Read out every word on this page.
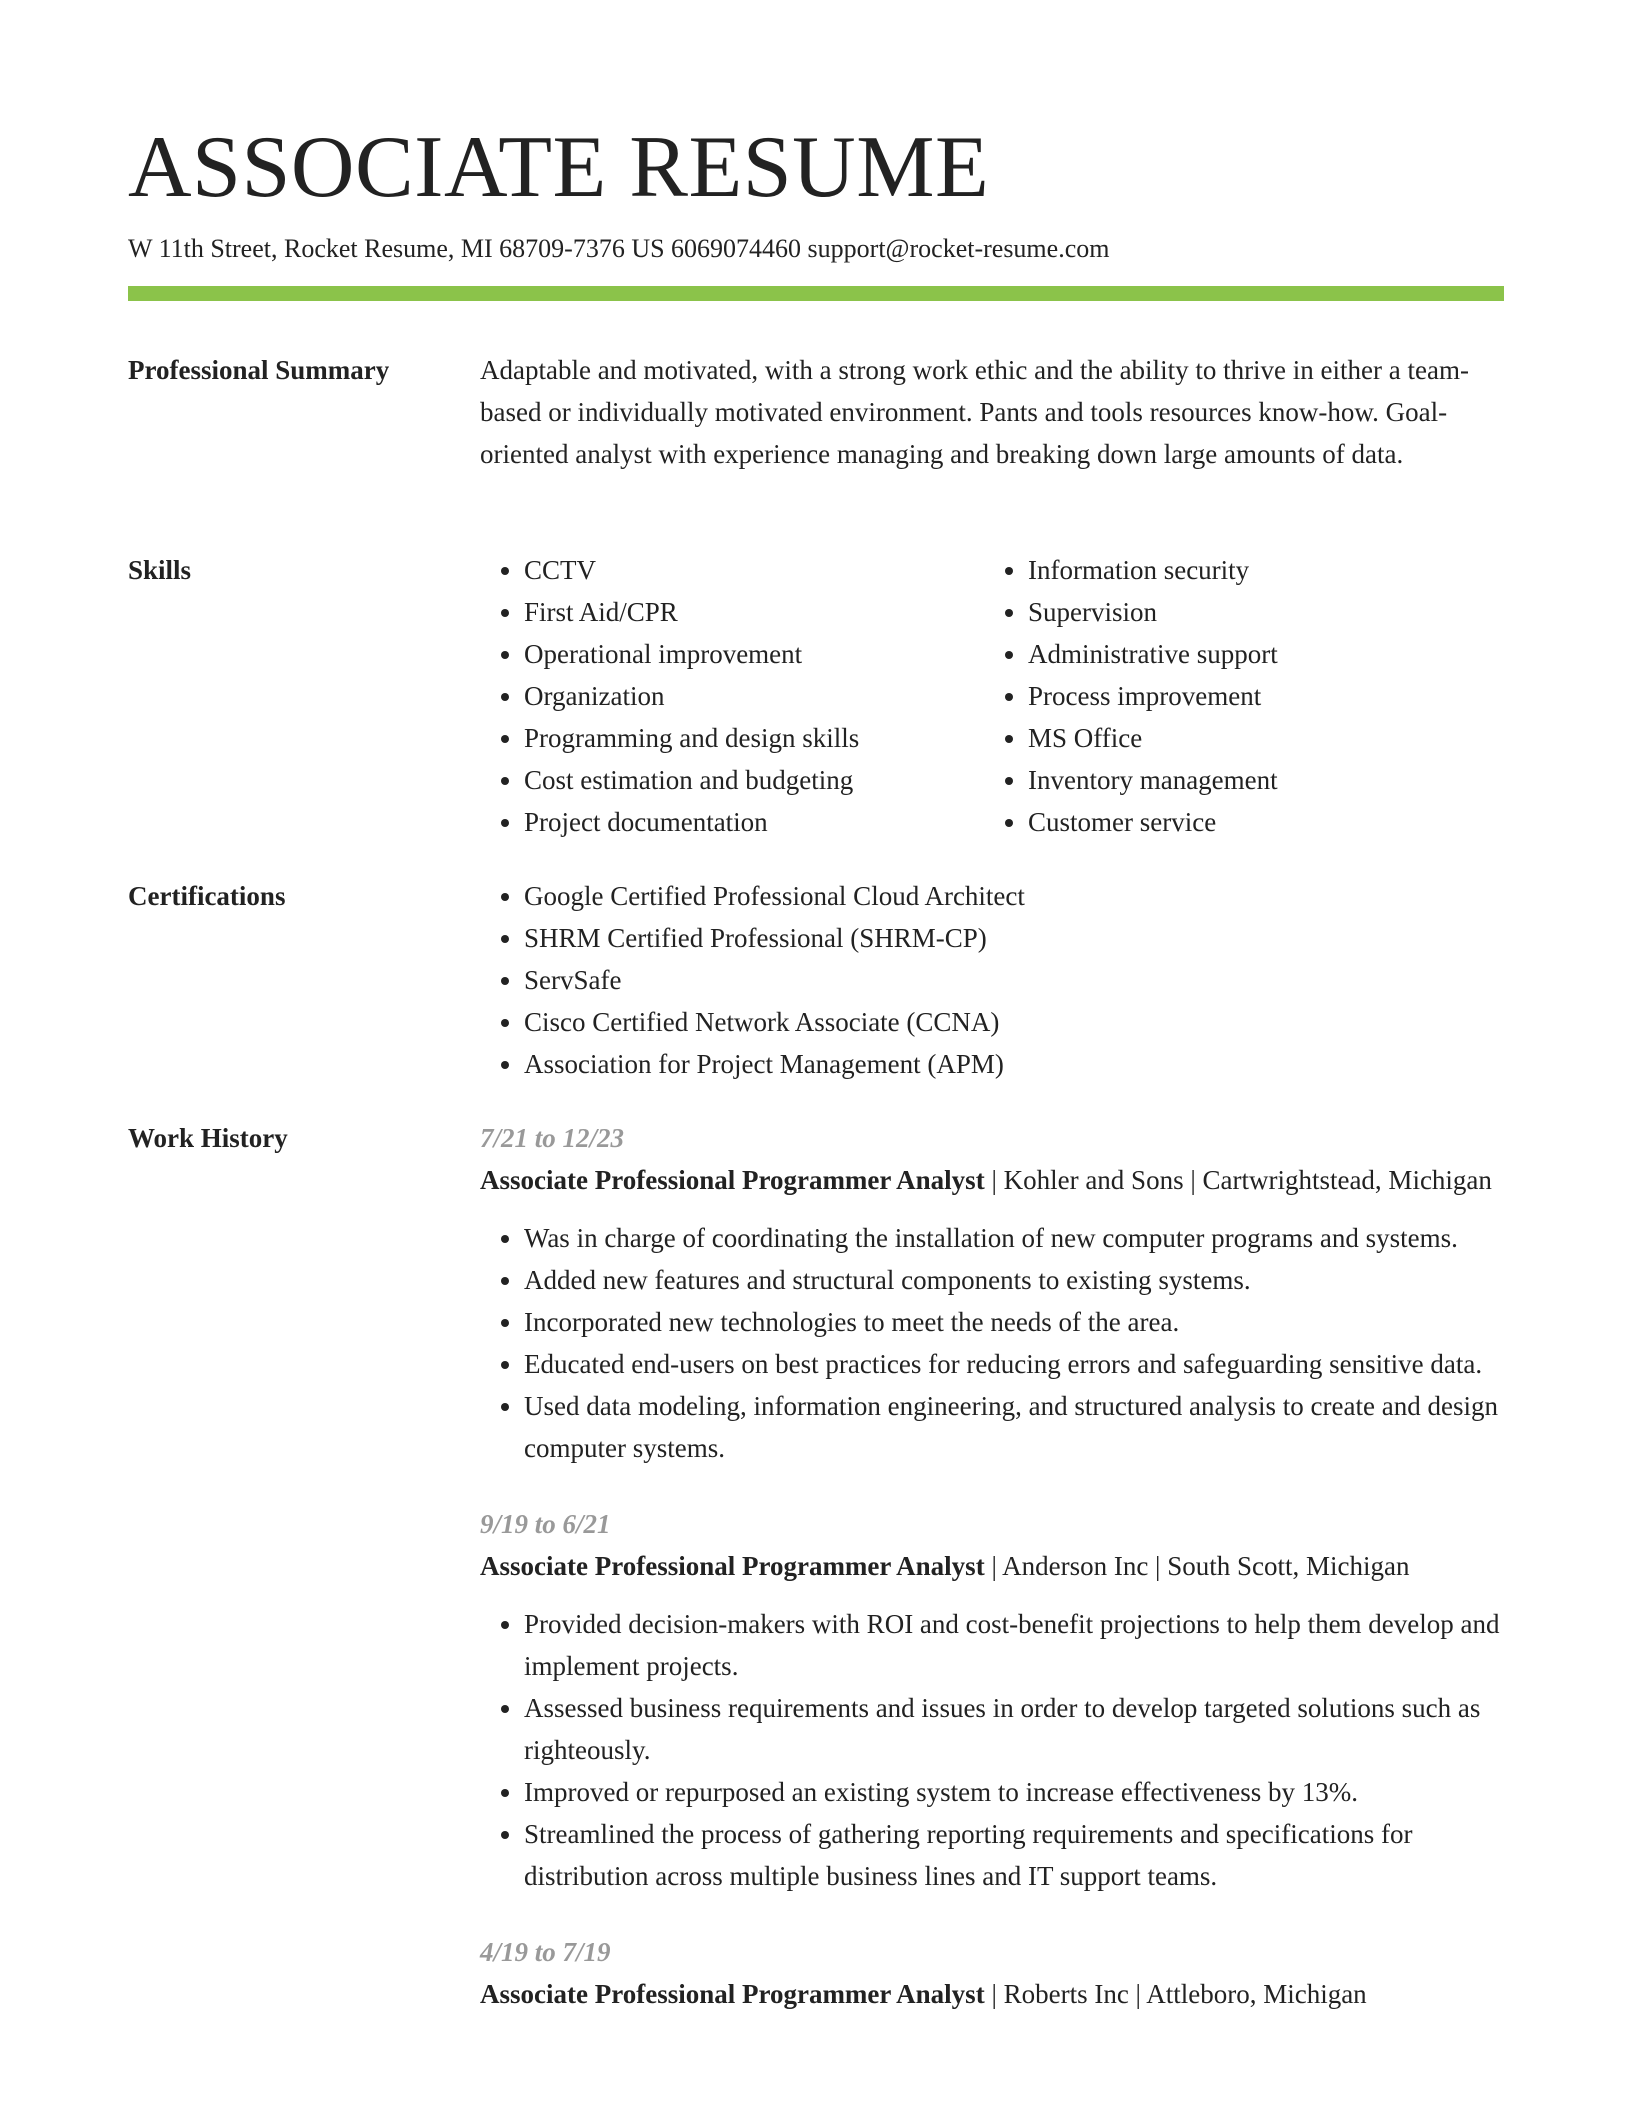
ASSOCIATE RESUME
W 11th Street, Rocket Resume, MI 68709-7376 US 6069074460 support@rocket-resume.com
Professional Summary	Adaptable and motivated, with a strong work ethic and the ability to thrive in either a team-based or individually motivated environment. Pants and tools resources know-how. Goal-oriented analyst with experience managing and breaking down large amounts of data.

Skills	• CCTV
• First Aid/CPR
• Operational improvement
• Organization
• Programming and design skills
• Cost estimation and budgeting
• Project documentation
• Information security
• Supervision
• Administrative support
• Process improvement
• MS Office
• Inventory management
• Customer service
Certifications	• Google Certified Professional Cloud Architect
• SHRM Certified Professional (SHRM-CP)
• ServSafe
• Cisco Certified Network Associate (CCNA)
• Association for Project Management (APM)
Work History	7/21 to 12/23
Associate Professional Programmer Analyst | Kohler and Sons | Cartwrightstead, Michigan
• Was in charge of coordinating the installation of new computer programs and systems.
• Added new features and structural components to existing systems.
• Incorporated new technologies to meet the needs of the area.
• Educated end-users on best practices for reducing errors and safeguarding sensitive data.
• Used data modeling, information engineering, and structured analysis to create and design computer systems.
9/19 to 6/21
Associate Professional Programmer Analyst | Anderson Inc | South Scott, Michigan
• Provided decision-makers with ROI and cost-benefit projections to help them develop and implement projects.
• Assessed business requirements and issues in order to develop targeted solutions such as righteously.
• Improved or repurposed an existing system to increase effectiveness by 13%.
• Streamlined the process of gathering reporting requirements and specifications for distribution across multiple business lines and IT support teams.
4/19 to 7/19
Associate Professional Programmer Analyst | Roberts Inc | Attleboro, Michigan
